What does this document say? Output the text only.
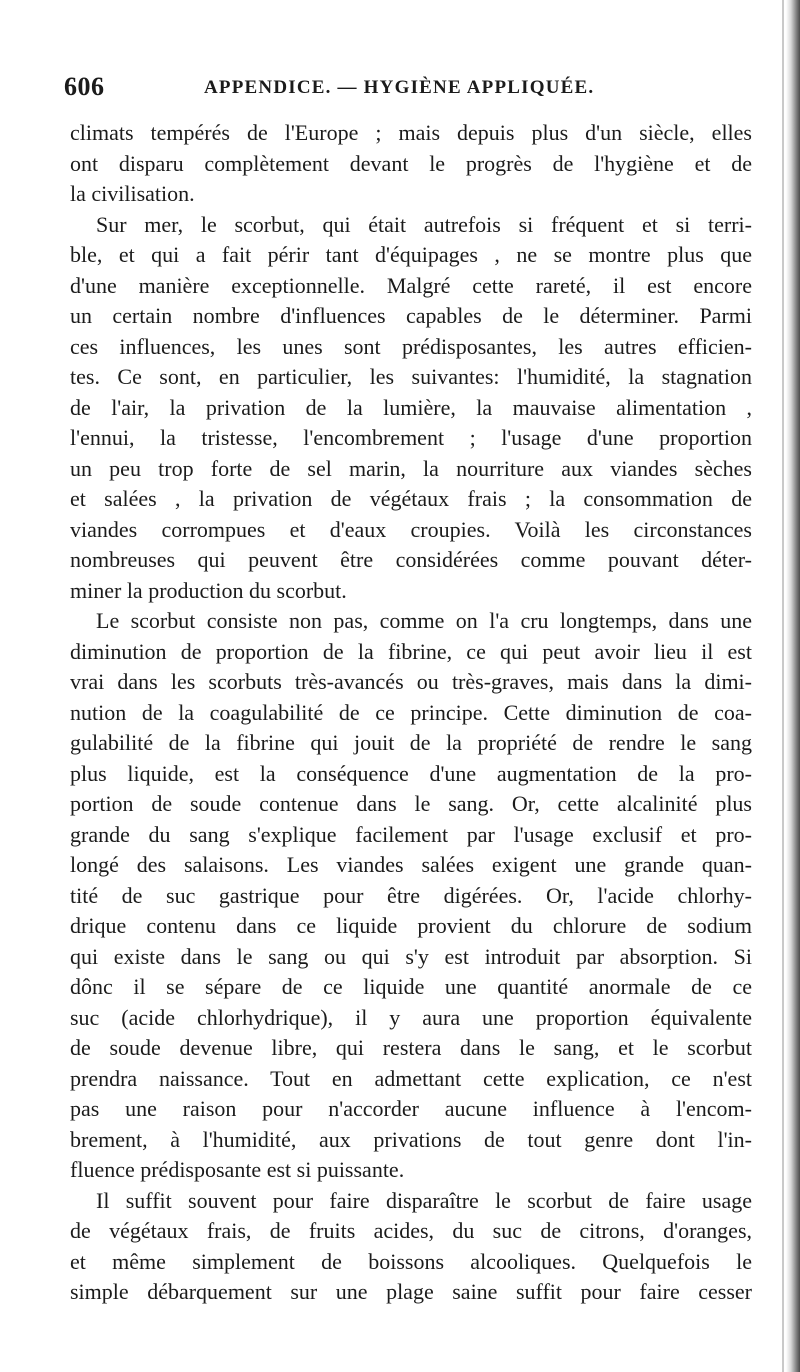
606	APPENDICE. — HYGIÈNE APPLIQUÉE.
climats tempérés de l'Europe ; mais depuis plus d'un siècle, elles
ont disparu complètement devant le progrès de l'hygiène et de
la civilisation.
Sur mer, le scorbut, qui était autrefois si fréquent et si terri-
ble, et qui a fait périr tant d'équipages , ne se montre plus que
d'une manière exceptionnelle. Malgré cette rareté, il est encore
un certain nombre d'influences capables de le déterminer. Parmi
ces influences, les unes sont prédisposantes, les autres efficien-
tes. Ce sont, en particulier, les suivantes: l'humidité, la stagnation
de l'air, la privation de la lumière, la mauvaise alimentation ,
l'ennui, la tristesse, l'encombrement ; l'usage d'une proportion
un peu trop forte de sel marin, la nourriture aux viandes sèches
et salées , la privation de végétaux frais ; la consommation de
viandes corrompues et d'eaux croupies. Voilà les circonstances
nombreuses qui peuvent être considérées comme pouvant déter-
miner la production du scorbut.
Le scorbut consiste non pas, comme on l'a cru longtemps, dans une
diminution de proportion de la fibrine, ce qui peut avoir lieu il est
vrai dans les scorbuts très-avancés ou très-graves, mais dans la dimi-
nution de la coagulabilité de ce principe. Cette diminution de coa-
gulabilité de la fibrine qui jouit de la propriété de rendre le sang
plus liquide, est la conséquence d'une augmentation de la pro-
portion de soude contenue dans le sang. Or, cette alcalinité plus
grande du sang s'explique facilement par l'usage exclusif et pro-
longé des salaisons. Les viandes salées exigent une grande quan-
tité de suc gastrique pour être digérées. Or, l'acide chlorhy-
drique contenu dans ce liquide provient du chlorure de sodium
qui existe dans le sang ou qui s'y est introduit par absorption. Si
dônc il se sépare de ce liquide une quantité anormale de ce
suc (acide chlorhydrique), il y aura une proportion équivalente
de soude devenue libre, qui restera dans le sang, et le scorbut
prendra naissance. Tout en admettant cette explication, ce n'est
pas une raison pour n'accorder aucune influence à l'encom-
brement, à l'humidité, aux privations de tout genre dont l'in-
fluence prédisposante est si puissante.
Il suffit souvent pour faire disparaître le scorbut de faire usage
de végétaux frais, de fruits acides, du suc de citrons, d'oranges,
et même simplement de boissons alcooliques. Quelquefois le
simple débarquement sur une plage saine suffit pour faire cesser
